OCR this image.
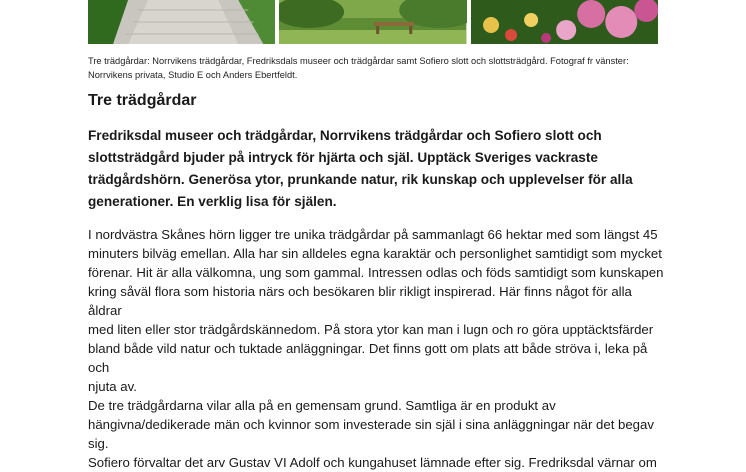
Tre trädgårdar: Norrvikens trädgårdar, Fredriksdals museer och trädgårdar samt Sofiero slott och slottsträdgård. Fotograf fr vänster:
Norrvikens privata, Studio E och Anders Ebertfeldt.
Tre trädgårdar
Fredriksdal museer och trädgårdar, Norrvikens trädgårdar och Sofiero slott och
slottsträdgård bjuder på intryck för hjärta och själ. Upptäck Sveriges vackraste
trädgårdshörn. Generösa ytor, prunkande natur, rik kunskap och upplevelser för alla
generationer. En verklig lisa för själen.

I nordvästra Skånes hörn ligger tre unika trädgårdar på sammanlagt 66 hektar med som längst 45

minuters bilväg emellan. Alla har sin alldeles egna karaktär och personlighet samtidigt som mycket

förenar. Hit är alla välkomna, ung som gammal. Intressen odlas och föds samtidigt som kunskapen

kring såväl flora som historia närs och besökaren blir rikligt inspirerad. Här finns något för alla åldrar

med liten eller stor trädgårdskännedom. På stora ytor kan man i lugn och ro göra upptäcktsfärder

bland både vild natur och tuktade anläggningar. Det finns gott om plats att både ströva i, leka på och

njuta av.

De tre trädgårdarna vilar alla på en gemensam grund. Samtliga är en produkt av

hängivna/dedikerade män och kvinnor som investerade sin själ i sina anläggningar när det begav sig.

Sofiero förvaltar det arv Gustav VI Adolf och kungahuset lämnade efter sig. Fredriksdal värnar om
